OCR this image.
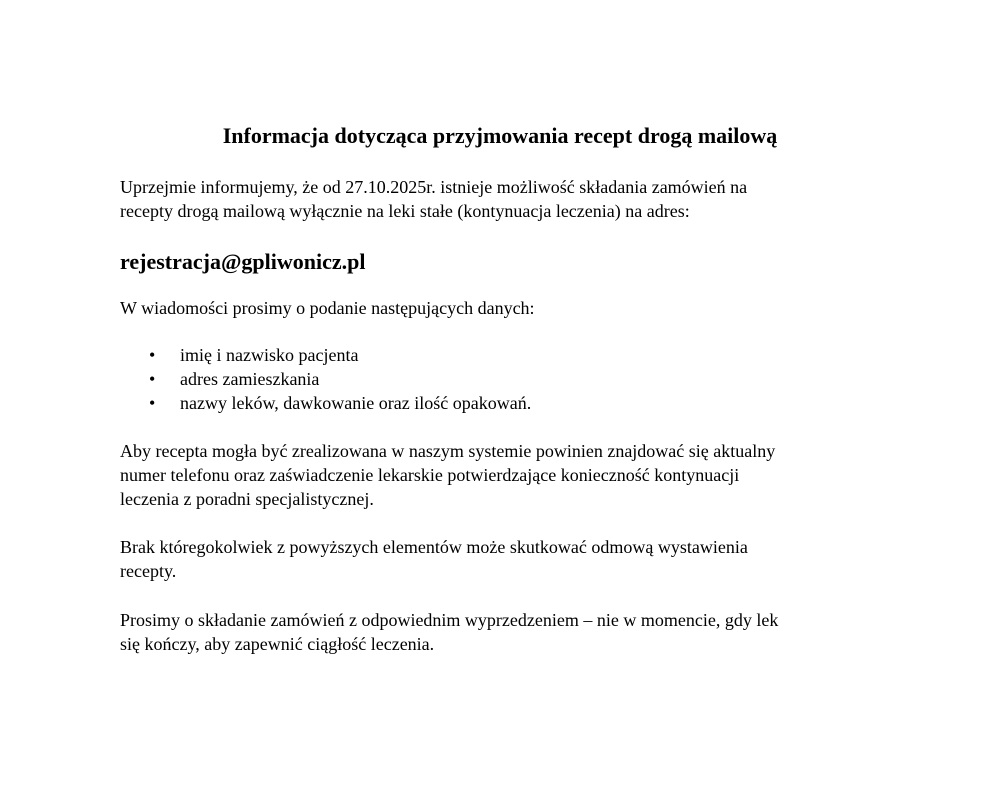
Informacja dotycząca przyjmowania recept drogą mailową

Uprzejmie informujemy, że od 27.10.2025r. istnieje możliwość składania zamówień na
recepty drogą mailową wyłącznie na leki stałe (kontynuacja leczenia) na adres:

rejestracja@gpliwonicz.pl

W wiadomości prosimy o podanie następujących danych:

• imię i nazwisko pacjenta
• adres zamieszkania
• nazwy leków, dawkowanie oraz ilość opakowań.

Aby recepta mogła być zrealizowana w naszym systemie powinien znajdować się aktualny
numer telefonu oraz zaświadczenie lekarskie potwierdzające konieczność kontynuacji
leczenia z poradni specjalistycznej.

Brak któregokolwiek z powyższych elementów może skutkować odmową wystawienia
recepty.

Prosimy o składanie zamówień z odpowiednim wyprzedzeniem – nie w momencie, gdy lek
się kończy, aby zapewnić ciągłość leczenia.
